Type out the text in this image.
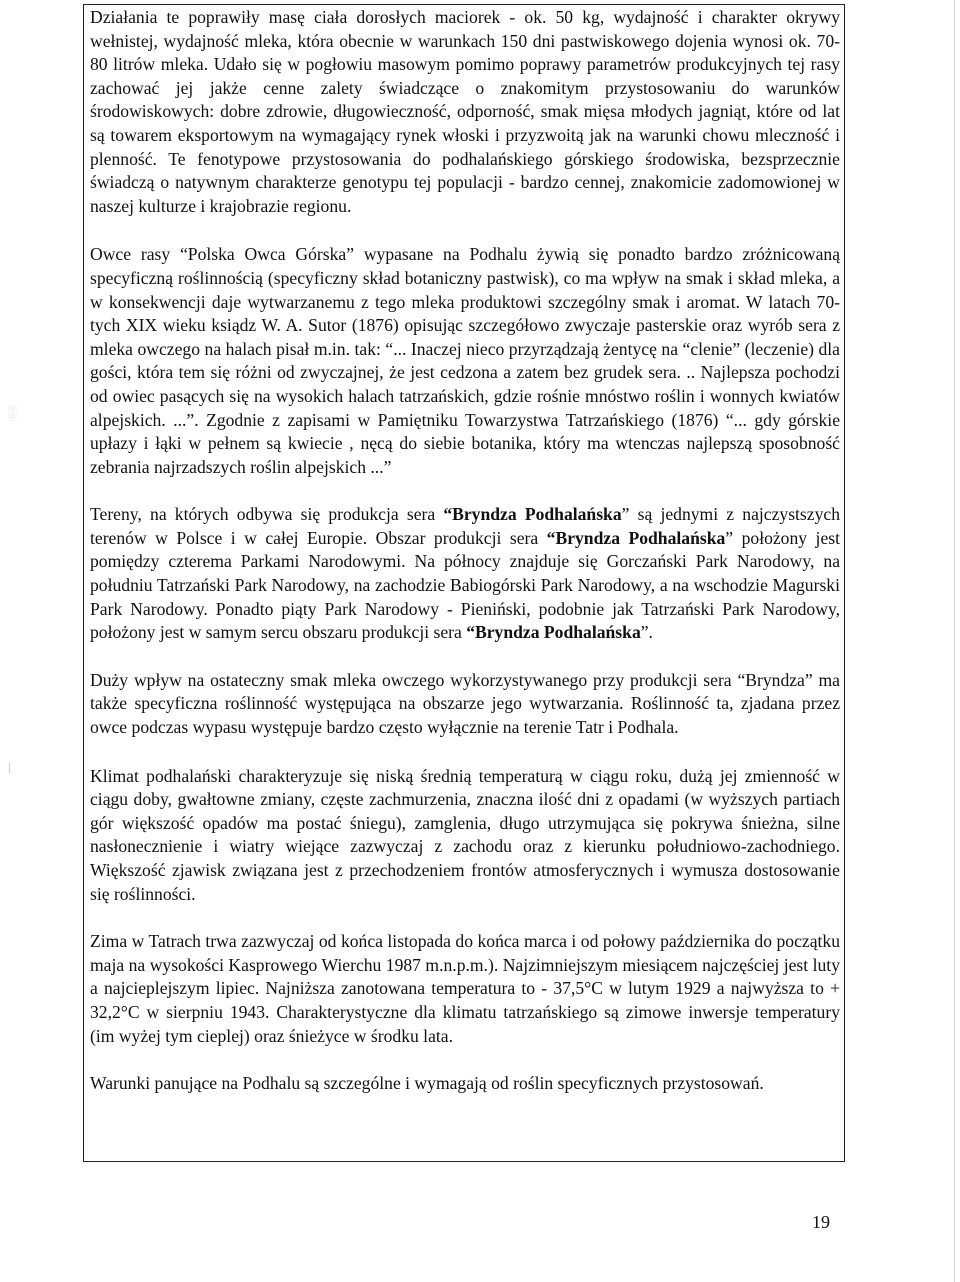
░
[

Działania te poprawiły masę ciała dorosłych maciorek - ok. 50 kg, wydajność i charakter okrywy wełnistej, wydajność mleka, która obecnie w warunkach 150 dni pastwiskowego dojenia wynosi ok. 70-80 litrów mleka. Udało się w pogłowiu masowym pomimo poprawy parametrów produkcyjnych tej rasy zachować jej jakże cenne zalety świadczące o znakomitym przystosowaniu do warunków środowiskowych: dobre zdrowie, długowieczność, odporność, smak mięsa młodych jagniąt, które od lat są towarem eksportowym na wymagający rynek włoski i przyzwoitą jak na warunki chowu mleczność i plenność. Te fenotypowe przystosowania do podhalańskiego górskiego środowiska, bezsprzecznie świadczą o natywnym charakterze genotypu tej populacji - bardzo cennej, znakomicie zadomowionej w naszej kulturze i krajobrazie regionu.

Owce rasy “Polska Owca Górska” wypasane na Podhalu żywią się ponadto bardzo zróżnicowaną specyficzną roślinnością (specyficzny skład botaniczny pastwisk), co ma wpływ na smak i skład mleka, a w konsekwencji daje wytwarzanemu z tego mleka produktowi szczególny smak i aromat. W latach 70-tych XIX wieku ksiądz W. A. Sutor (1876) opisując szczegółowo zwyczaje pasterskie oraz wyrób sera z mleka owczego na halach pisał m.in. tak: “... Inaczej nieco przyrządzają żentycę na “clenie” (leczenie) dla gości, która tem się różni od zwyczajnej, że jest cedzona a zatem bez grudek sera. .. Najlepsza pochodzi od owiec pasących się na wysokich halach tatrzańskich, gdzie rośnie mnóstwo roślin i wonnych kwiatów alpejskich. ...”. Zgodnie z zapisami w Pamiętniku Towarzystwa Tatrzańskiego (1876) “... gdy górskie upłazy i łąki w pełnem są kwiecie , nęcą do siebie botanika, który ma wtenczas najlepszą sposobność zebrania najrzadszych roślin alpejskich ...”

Tereny, na których odbywa się produkcja sera “Bryndza Podhalańska” są jednymi z najczystszych terenów w Polsce i w całej Europie. Obszar produkcji sera “Bryndza Podhalańska” położony jest pomiędzy czterema Parkami Narodowymi. Na północy znajduje się Gorczański Park Narodowy, na południu Tatrzański Park Narodowy, na zachodzie Babiogórski Park Narodowy, a na wschodzie Magurski Park Narodowy. Ponadto piąty Park Narodowy - Pieniński, podobnie jak Tatrzański Park Narodowy, położony jest w samym sercu obszaru produkcji sera “Bryndza Podhalańska”.

Duży wpływ na ostateczny smak mleka owczego wykorzystywanego przy produkcji sera “Bryndza” ma także specyficzna roślinność występująca na obszarze jego wytwarzania. Roślinność ta, zjadana przez owce podczas wypasu występuje bardzo często wyłącznie na terenie Tatr i Podhala.

Klimat podhalański charakteryzuje się niską średnią temperaturą w ciągu roku, dużą jej zmienność w ciągu doby, gwałtowne zmiany, częste zachmurzenia, znaczna ilość dni z opadami (w wyższych partiach gór większość opadów ma postać śniegu), zamglenia, długo utrzymująca się pokrywa śnieżna, silne nasłonecznienie i wiatry wiejące zazwyczaj z zachodu oraz z kierunku południowo-zachodniego. Większość zjawisk związana jest z przechodzeniem frontów atmosferycznych i wymusza dostosowanie się roślinności.

Zima w Tatrach trwa zazwyczaj od końca listopada do końca marca i od połowy października do początku maja na wysokości Kasprowego Wierchu 1987 m.n.p.m.). Najzimniejszym miesiącem najczęściej jest luty a najcieplejszym lipiec. Najniższa zanotowana temperatura to - 37,5°C w lutym 1929 a najwyższa to + 32,2°C w sierpniu 1943. Charakterystyczne dla klimatu tatrzańskiego są zimowe inwersje temperatury (im wyżej tym cieplej) oraz śnieżyce w środku lata.

Warunki panujące na Podhalu są szczególne i wymagają od roślin specyficznych przystosowań.

19
